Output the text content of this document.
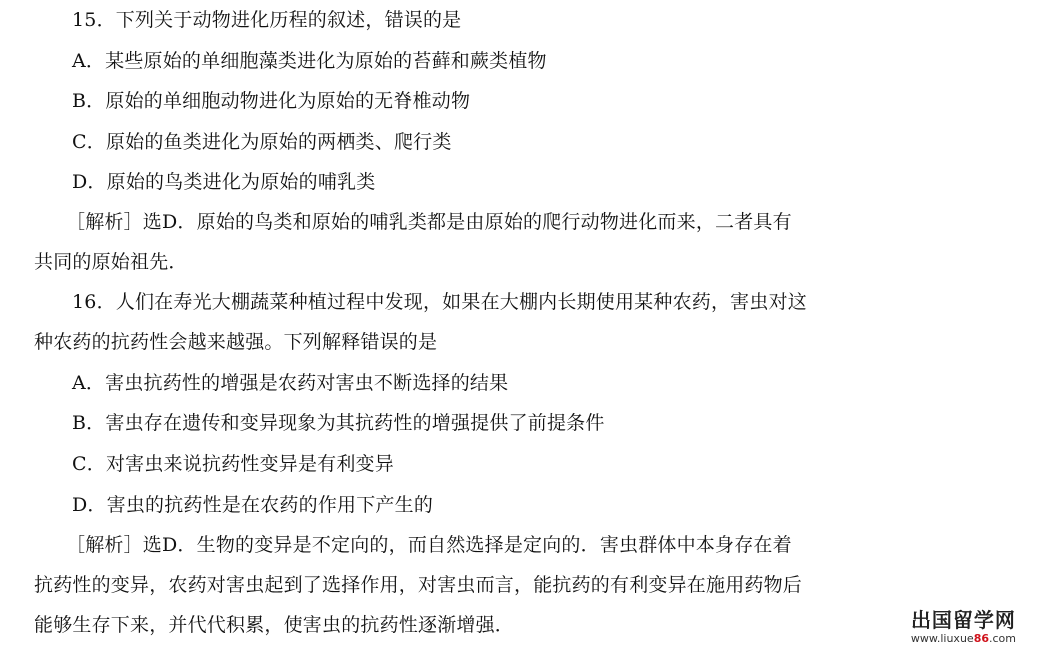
15．下列关于动物进化历程的叙述，错误的是
A．某些原始的单细胞藻类进化为原始的苔藓和蕨类植物
B．原始的单细胞动物进化为原始的无脊椎动物
C．原始的鱼类进化为原始的两栖类、爬行类
D．原始的鸟类进化为原始的哺乳类
［解析］选D．原始的鸟类和原始的哺乳类都是由原始的爬行动物进化而来，二者具有
共同的原始祖先．
16．人们在寿光大棚蔬菜种植过程中发现，如果在大棚内长期使用某种农药，害虫对这
种农药的抗药性会越来越强。下列解释错误的是
A．害虫抗药性的增强是农药对害虫不断选择的结果
B．害虫存在遗传和变异现象为其抗药性的增强提供了前提条件
C．对害虫来说抗药性变异是有利变异
D．害虫的抗药性是在农药的作用下产生的
［解析］选D．生物的变异是不定向的，而自然选择是定向的．害虫群体中本身存在着
抗药性的变异，农药对害虫起到了选择作用，对害虫而言，能抗药的有利变异在施用药物后
能够生存下来，并代代积累，使害虫的抗药性逐渐增强．	出国留学网
www.liuxue86.com
